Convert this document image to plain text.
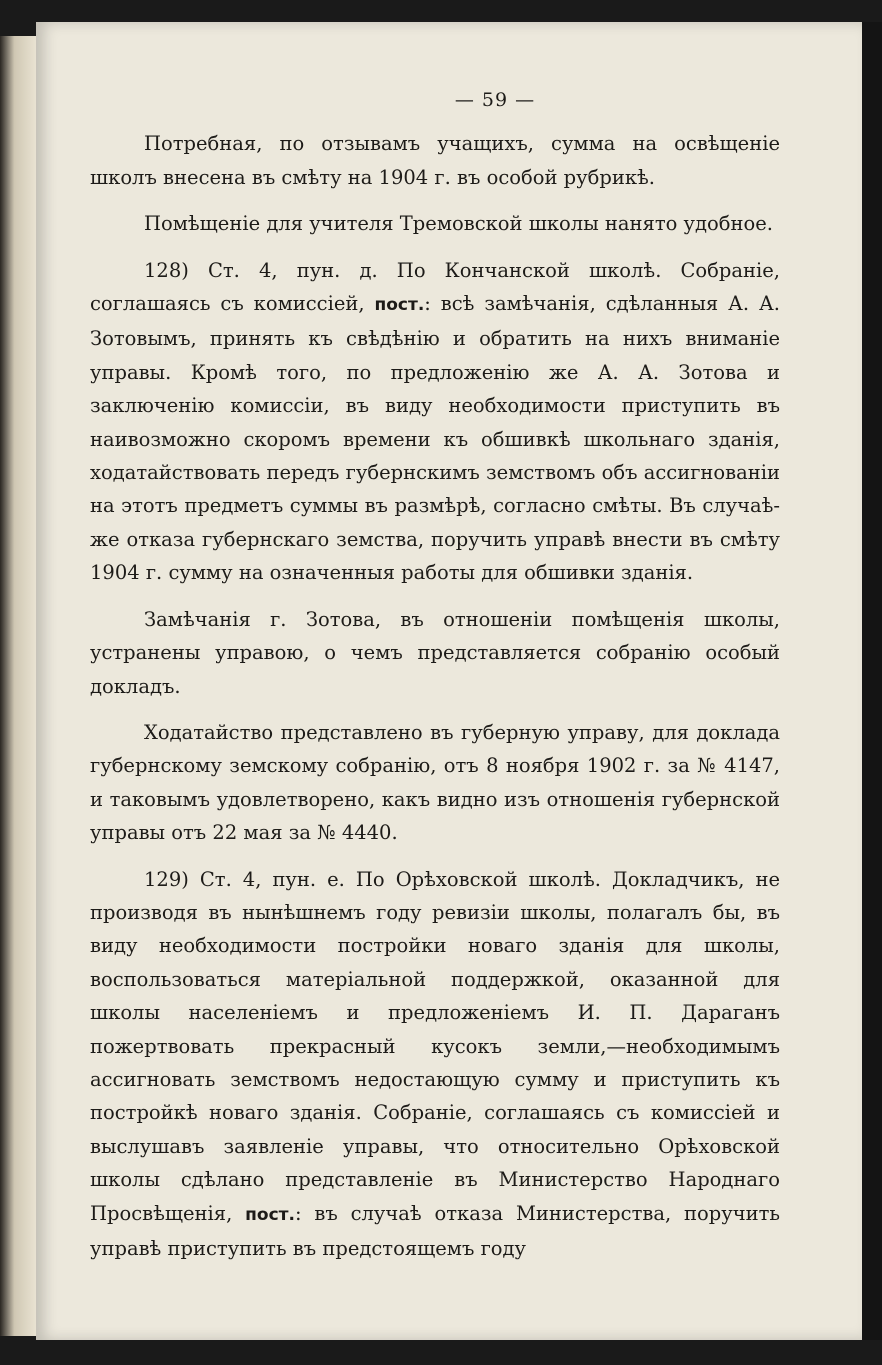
— 59 —

Потребная, по отзывамъ учащихъ, сумма на освѣщеніе школъ внесена въ смѣту на 1904 г. въ особой рубрикѣ.

Помѣщеніе для учителя Тремовской школы нанято удобное.

128) Ст. 4, пун. д. По Кончанской школѣ. Собраніе, соглашаясь съ комиссіей, пост.: всѣ замѣчанія, сдѣланныя А. А. Зотовымъ, принять къ свѣдѣнію и обратить на нихъ вниманіе управы. Кромѣ того, по предложенію же А. А. Зотова и заключенію комиссіи, въ виду необходимости приступить въ наивозможно скоромъ времени къ обшивкѣ школьнаго зданія, ходатайствовать передъ губернскимъ земствомъ объ ассигнованіи на этотъ предметъ суммы въ размѣрѣ, согласно смѣты. Въ случаѣ-же отказа губернскаго земства, поручить управѣ внести въ смѣту 1904 г. сумму на означенныя работы для обшивки зданія.

Замѣчанія г. Зотова, въ отношеніи помѣщенія школы, устранены управою, о чемъ представляется собранію особый докладъ.

Ходатайство представлено въ губерную управу, для доклада губернскому земскому собранію, отъ 8 ноября 1902 г. за № 4147, и таковымъ удовлетворено, какъ видно изъ отношенія губернской управы отъ 22 мая за № 4440.

129) Ст. 4, пун. е. По Орѣховской школѣ. Докладчикъ, не производя въ нынѣшнемъ году ревизіи школы, полагалъ бы, въ виду необходимости постройки новаго зданія для школы, воспользоваться матеріальной поддержкой, оказанной для школы населеніемъ и предложеніемъ И. П. Дараганъ пожертвовать прекрасный кусокъ земли,—необходимымъ ассигновать земствомъ недостающую сумму и приступить къ постройкѣ новаго зданія. Собраніе, соглашаясь съ комиссіей и выслушавъ заявленіе управы, что относительно Орѣховской школы сдѣлано представленіе въ Министерство Народнаго Просвѣщенія, пост.: въ случаѣ отказа Министерства, поручить управѣ приступить въ предстоящемъ году
